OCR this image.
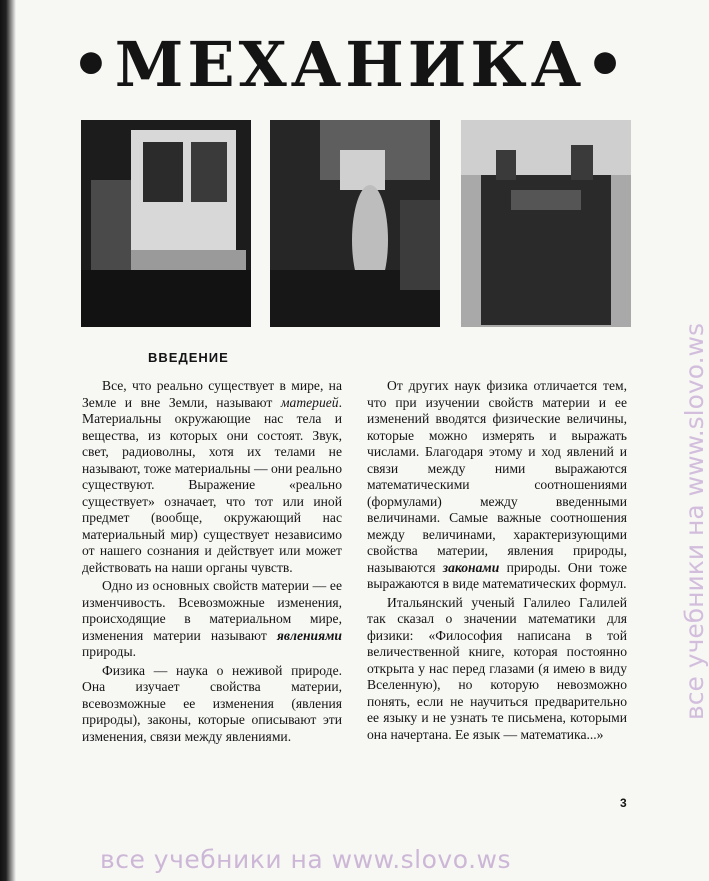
•МЕХАНИКА•
ВВЕДЕНИЕ

Все, что реально существует в мире, на Земле и вне Земли, называют материей. Материальны окружающие нас тела и вещества, из которых они состоят. Звук, свет, радиоволны, хотя их телами не называют, тоже материальны — они реально существуют. Выражение «реально существует» означает, что тот или иной предмет (вообще, окружающий нас материальный мир) существует независимо от нашего сознания и действует или может действовать на наши органы чувств.

Одно из основных свойств материи — ее изменчивость. Всевозможные изменения, происходящие в материальном мире, изменения материи называют явлениями природы.

Физика — наука о неживой природе. Она изучает свойства материи, всевозможные ее изменения (явления природы), законы, которые описывают эти изменения, связи между явлениями.

От других наук физика отличается тем, что при изучении свойств материи и ее изменений вводятся физические величины, которые можно измерять и выражать числами. Благодаря этому и ход явлений и связи между ними выражаются математическими соотношениями (формулами) между введенными величинами. Самые важные соотношения между величинами, характеризующими свойства материи, явления природы, называются законами природы. Они тоже выражаются в виде математических формул.

Итальянский ученый Галилео Галилей так сказал о значении математики для физики: «Философия написана в той величественной книге, которая постоянно открыта у нас перед глазами (я имею в виду Вселенную), но которую невозможно понять, если не научиться предварительно ее языку и не узнать те письмена, которыми она начертана. Ее язык — математика...»

3
все учебники на www.slovo.ws
все учебники на www.slovo.ws
